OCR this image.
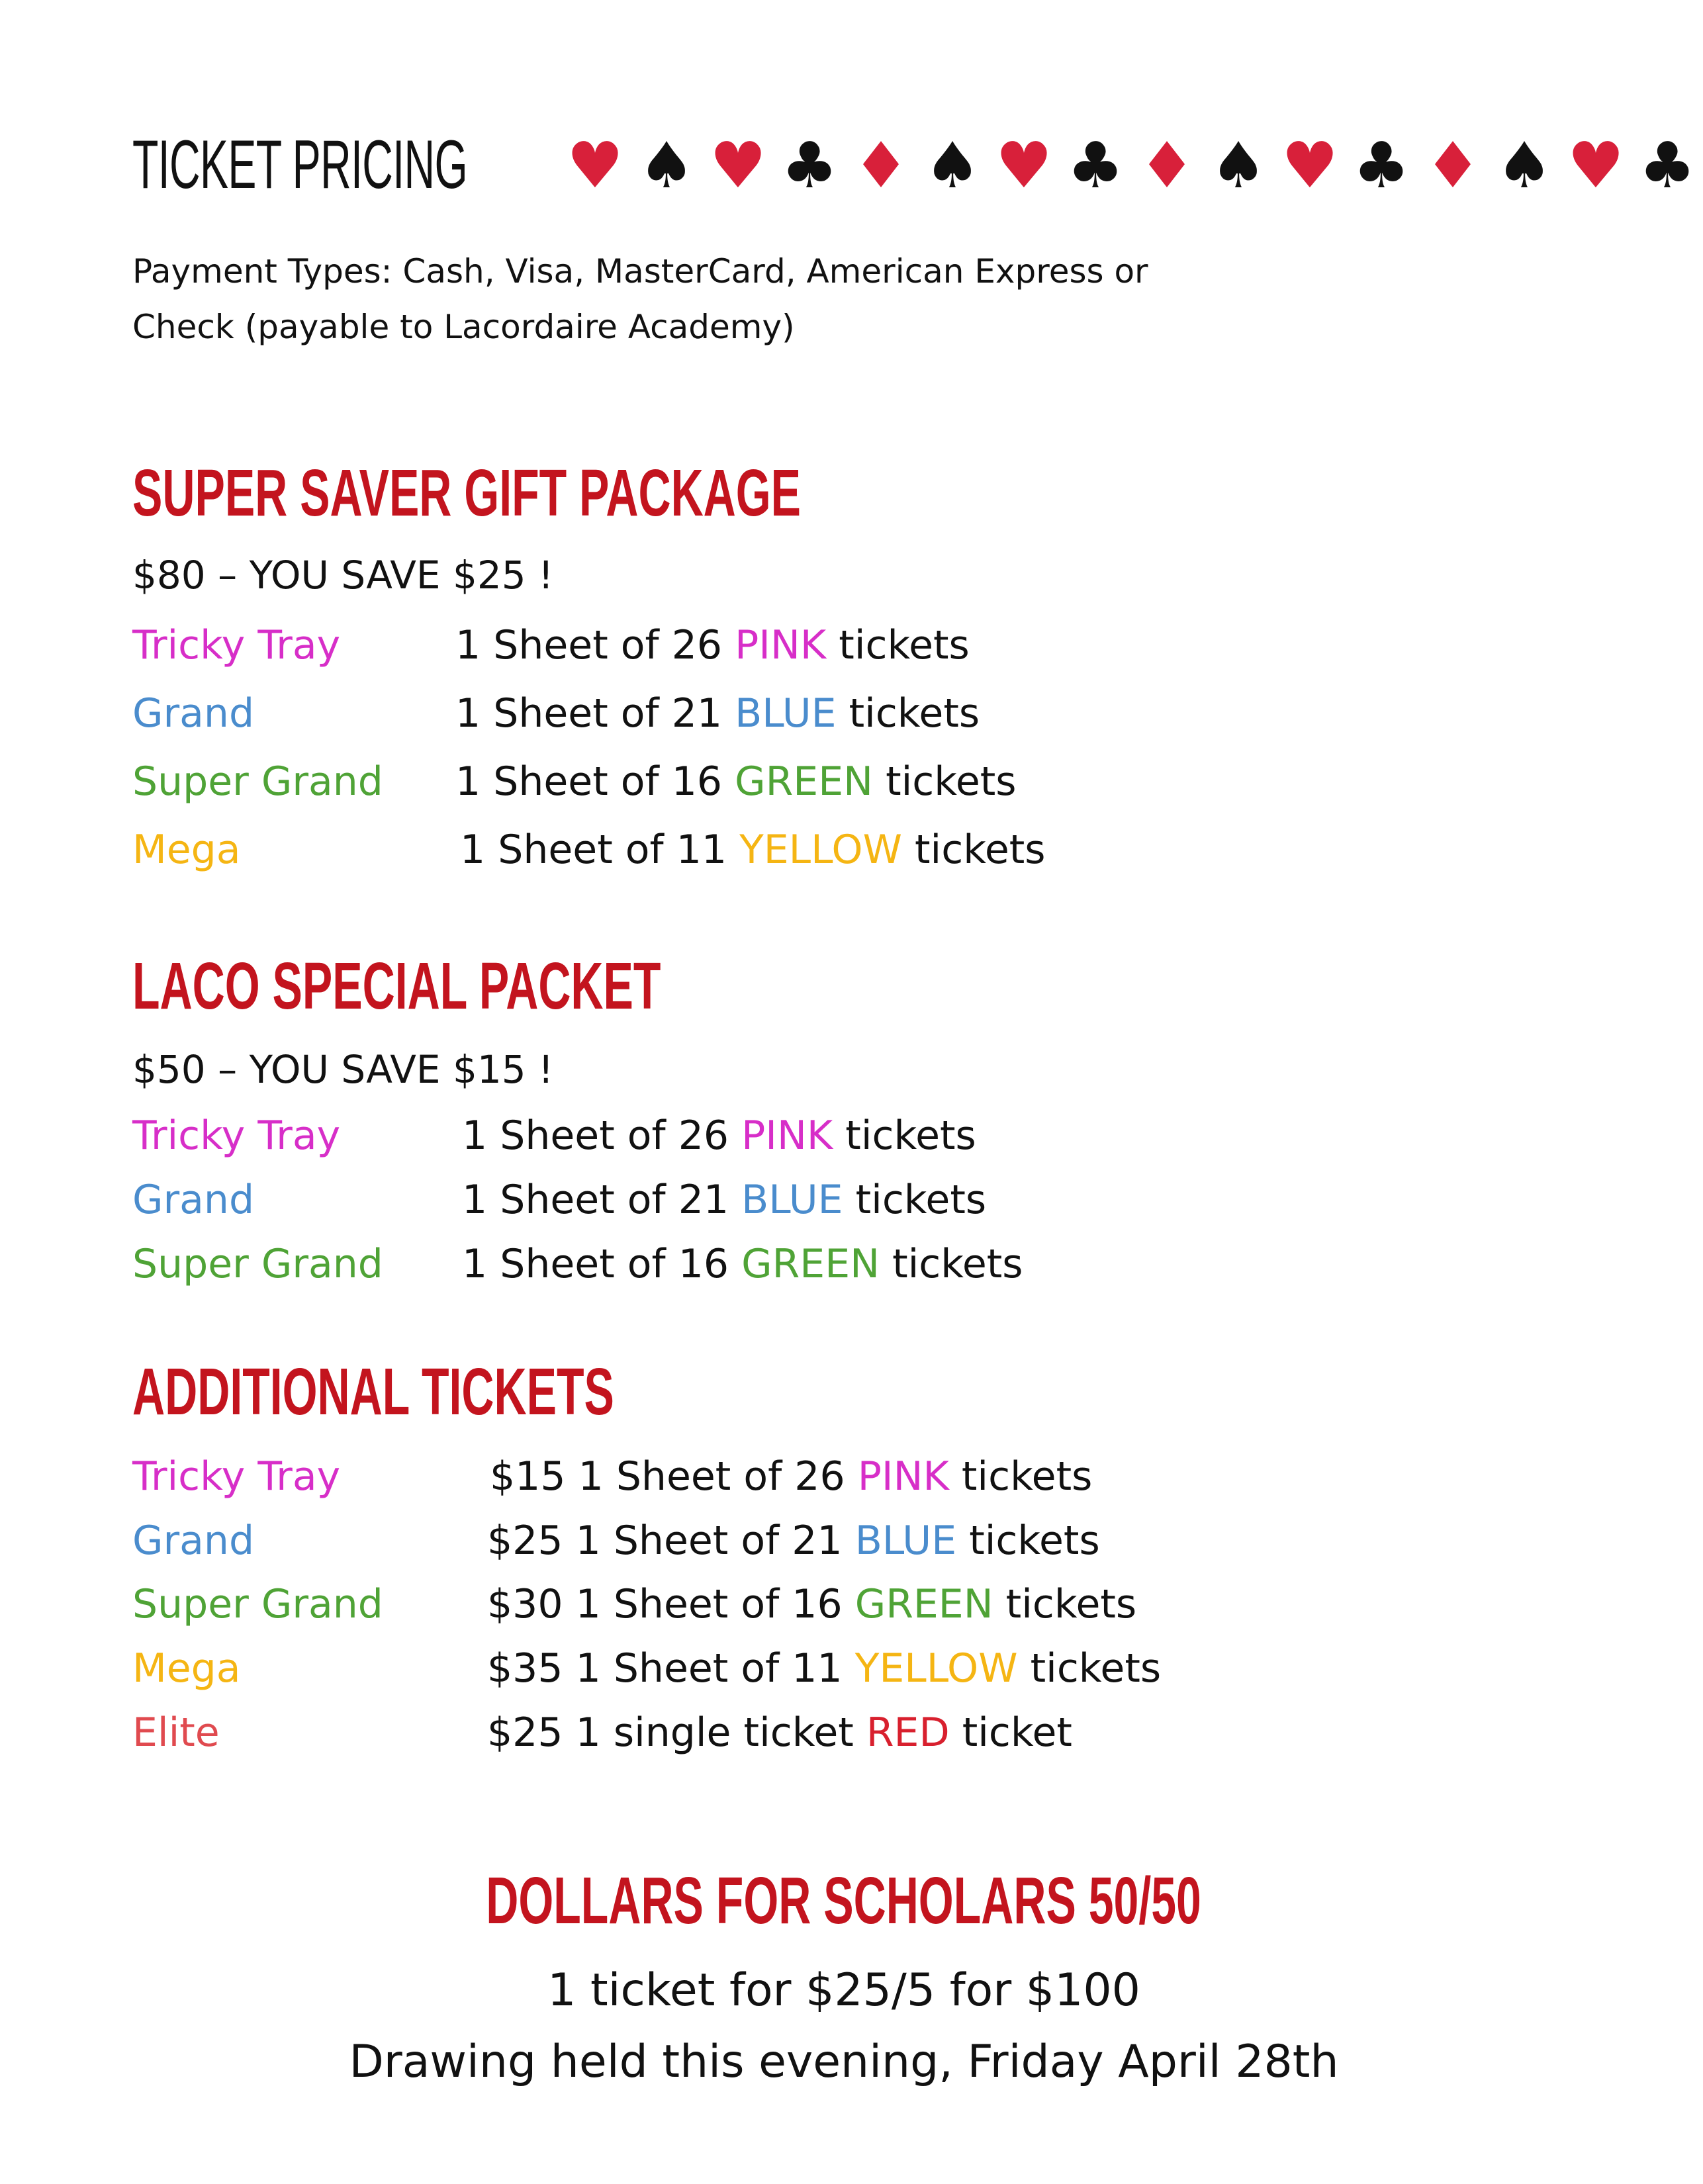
TICKET PRICING ♥ ♠ ♥ ♣ ♦ ♠ ♥ ♣ ♦ ♠ ♥ ♣ ♦ ♠ ♥ ♣
Payment Types: Cash, Visa, MasterCard, American Express or
Check (payable to Lacordaire Academy)
SUPER SAVER GIFT PACKAGE
$80 – YOU SAVE $25 !
Tricky Tray	1 Sheet of 26 PINK tickets
Grand	1 Sheet of 21 BLUE tickets
Super Grand 1 Sheet of 16 GREEN tickets
Mega	1 Sheet of 11 YELLOW tickets
LACO SPECIAL PACKET
$50 – YOU SAVE $15 !
Tricky Tray	1 Sheet of 26 PINK tickets
Grand	1 Sheet of 21 BLUE tickets
Super Grand 1 Sheet of 16 GREEN tickets
ADDITIONAL TICKETS
Tricky Tray	$15 1 Sheet of 26 PINK tickets
Grand	$25 1 Sheet of 21 BLUE tickets
Super Grand	$30 1 Sheet of 16 GREEN tickets
Mega	$35 1 Sheet of 11 YELLOW tickets
Elite	$25 1 single ticket RED ticket
DOLLARS FOR SCHOLARS 50/50
1 ticket for $25/5 for $100
Drawing held this evening, Friday April 28th
